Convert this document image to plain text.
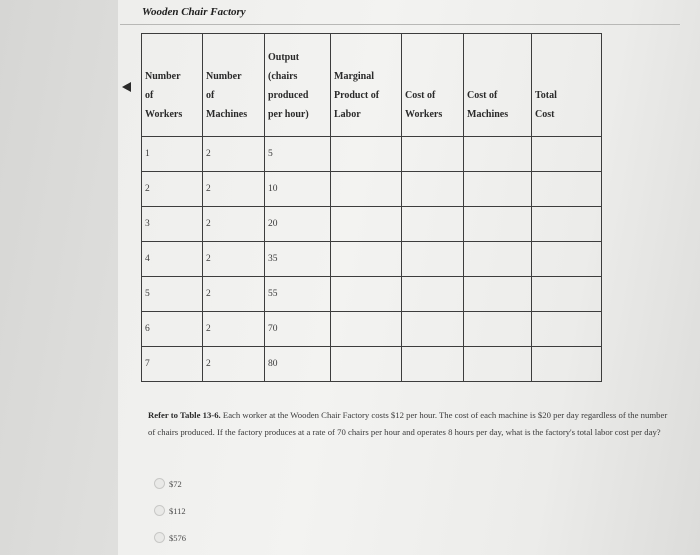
Wooden Chair Factory
Number
of
Workers	Number
of
Machines	Output
(chairs
produced
per hour)	Marginal
Product of
Labor	Cost of
Workers	Cost of
Machines	Total
Cost

1	2	5				
2	2	10				
3	2	20				
4	2	35				
5	2	55				
6	2	70				
7	2	80				
Refer to Table 13-6. Each worker at the Wooden Chair Factory costs $12 per hour. The cost of each machine is $20 per day regardless of the number of chairs produced. If the factory produces at a rate of 70 chairs per hour and operates 8 hours per day, what is the factory's total labor cost per day?
$72
$112
$576
